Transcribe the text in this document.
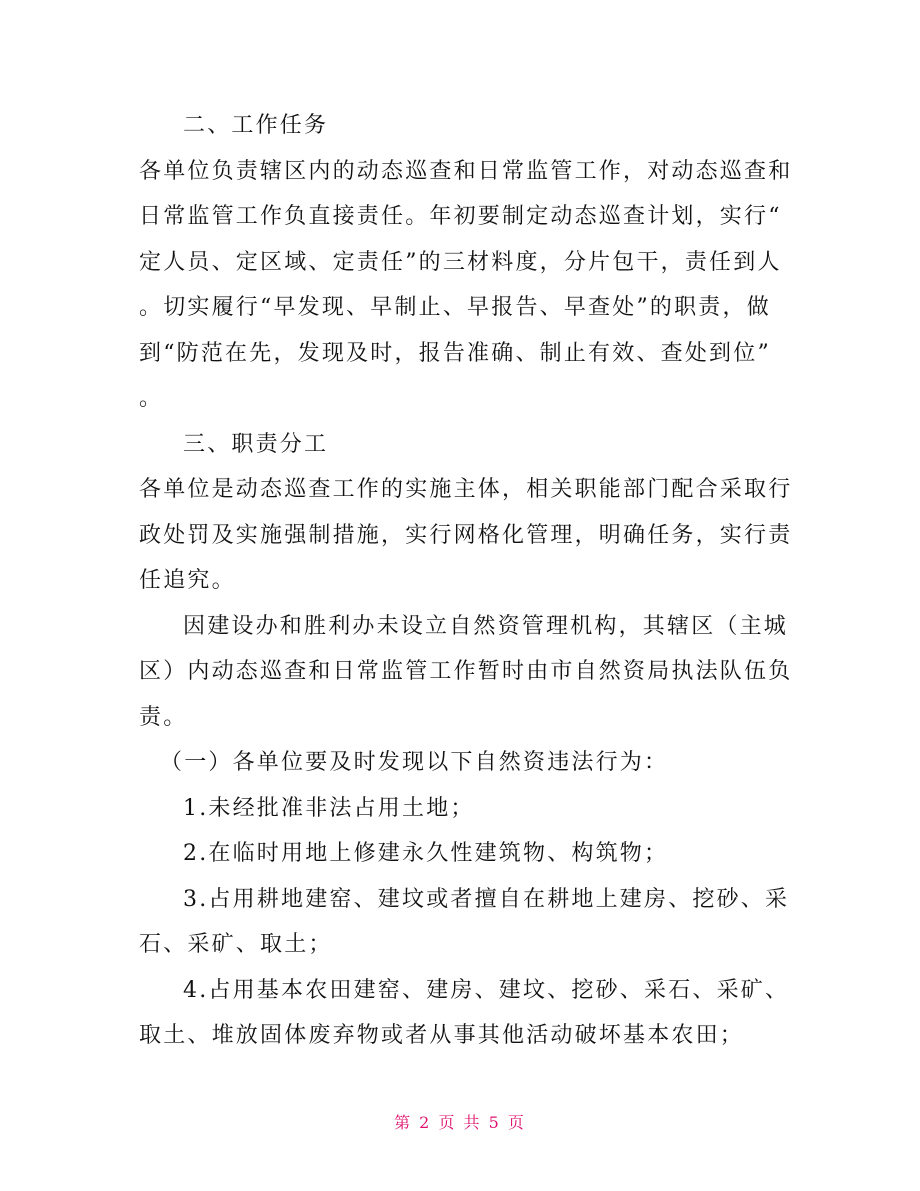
二、工作任务
各单位负责辖区内的动态巡查和日常监管工作，对动态巡查和
日常监管工作负直接责任。年初要制定动态巡查计划，实行“
定人员、定区域、定责任”的三材料度，分片包干，责任到人
。切实履行“早发现、早制止、早报告、早查处”的职责，做
到“防范在先，发现及时，报告准确、制止有效、查处到位”
。
三、职责分工
各单位是动态巡查工作的实施主体，相关职能部门配合采取行
政处罚及实施强制措施，实行网格化管理，明确任务，实行责
任追究。
因建设办和胜利办未设立自然资管理机构，其辖区（主城
区）内动态巡查和日常监管工作暂时由市自然资局执法队伍负
责。
（一）各单位要及时发现以下自然资违法行为：
1.未经批准非法占用土地；
2.在临时用地上修建永久性建筑物、构筑物；
3.占用耕地建窑、建坟或者擅自在耕地上建房、挖砂、采
石、采矿、取土；
4.占用基本农田建窑、建房、建坟、挖砂、采石、采矿、
取土、堆放固体废弃物或者从事其他活动破坏基本农田；
第 2 页 共 5 页
